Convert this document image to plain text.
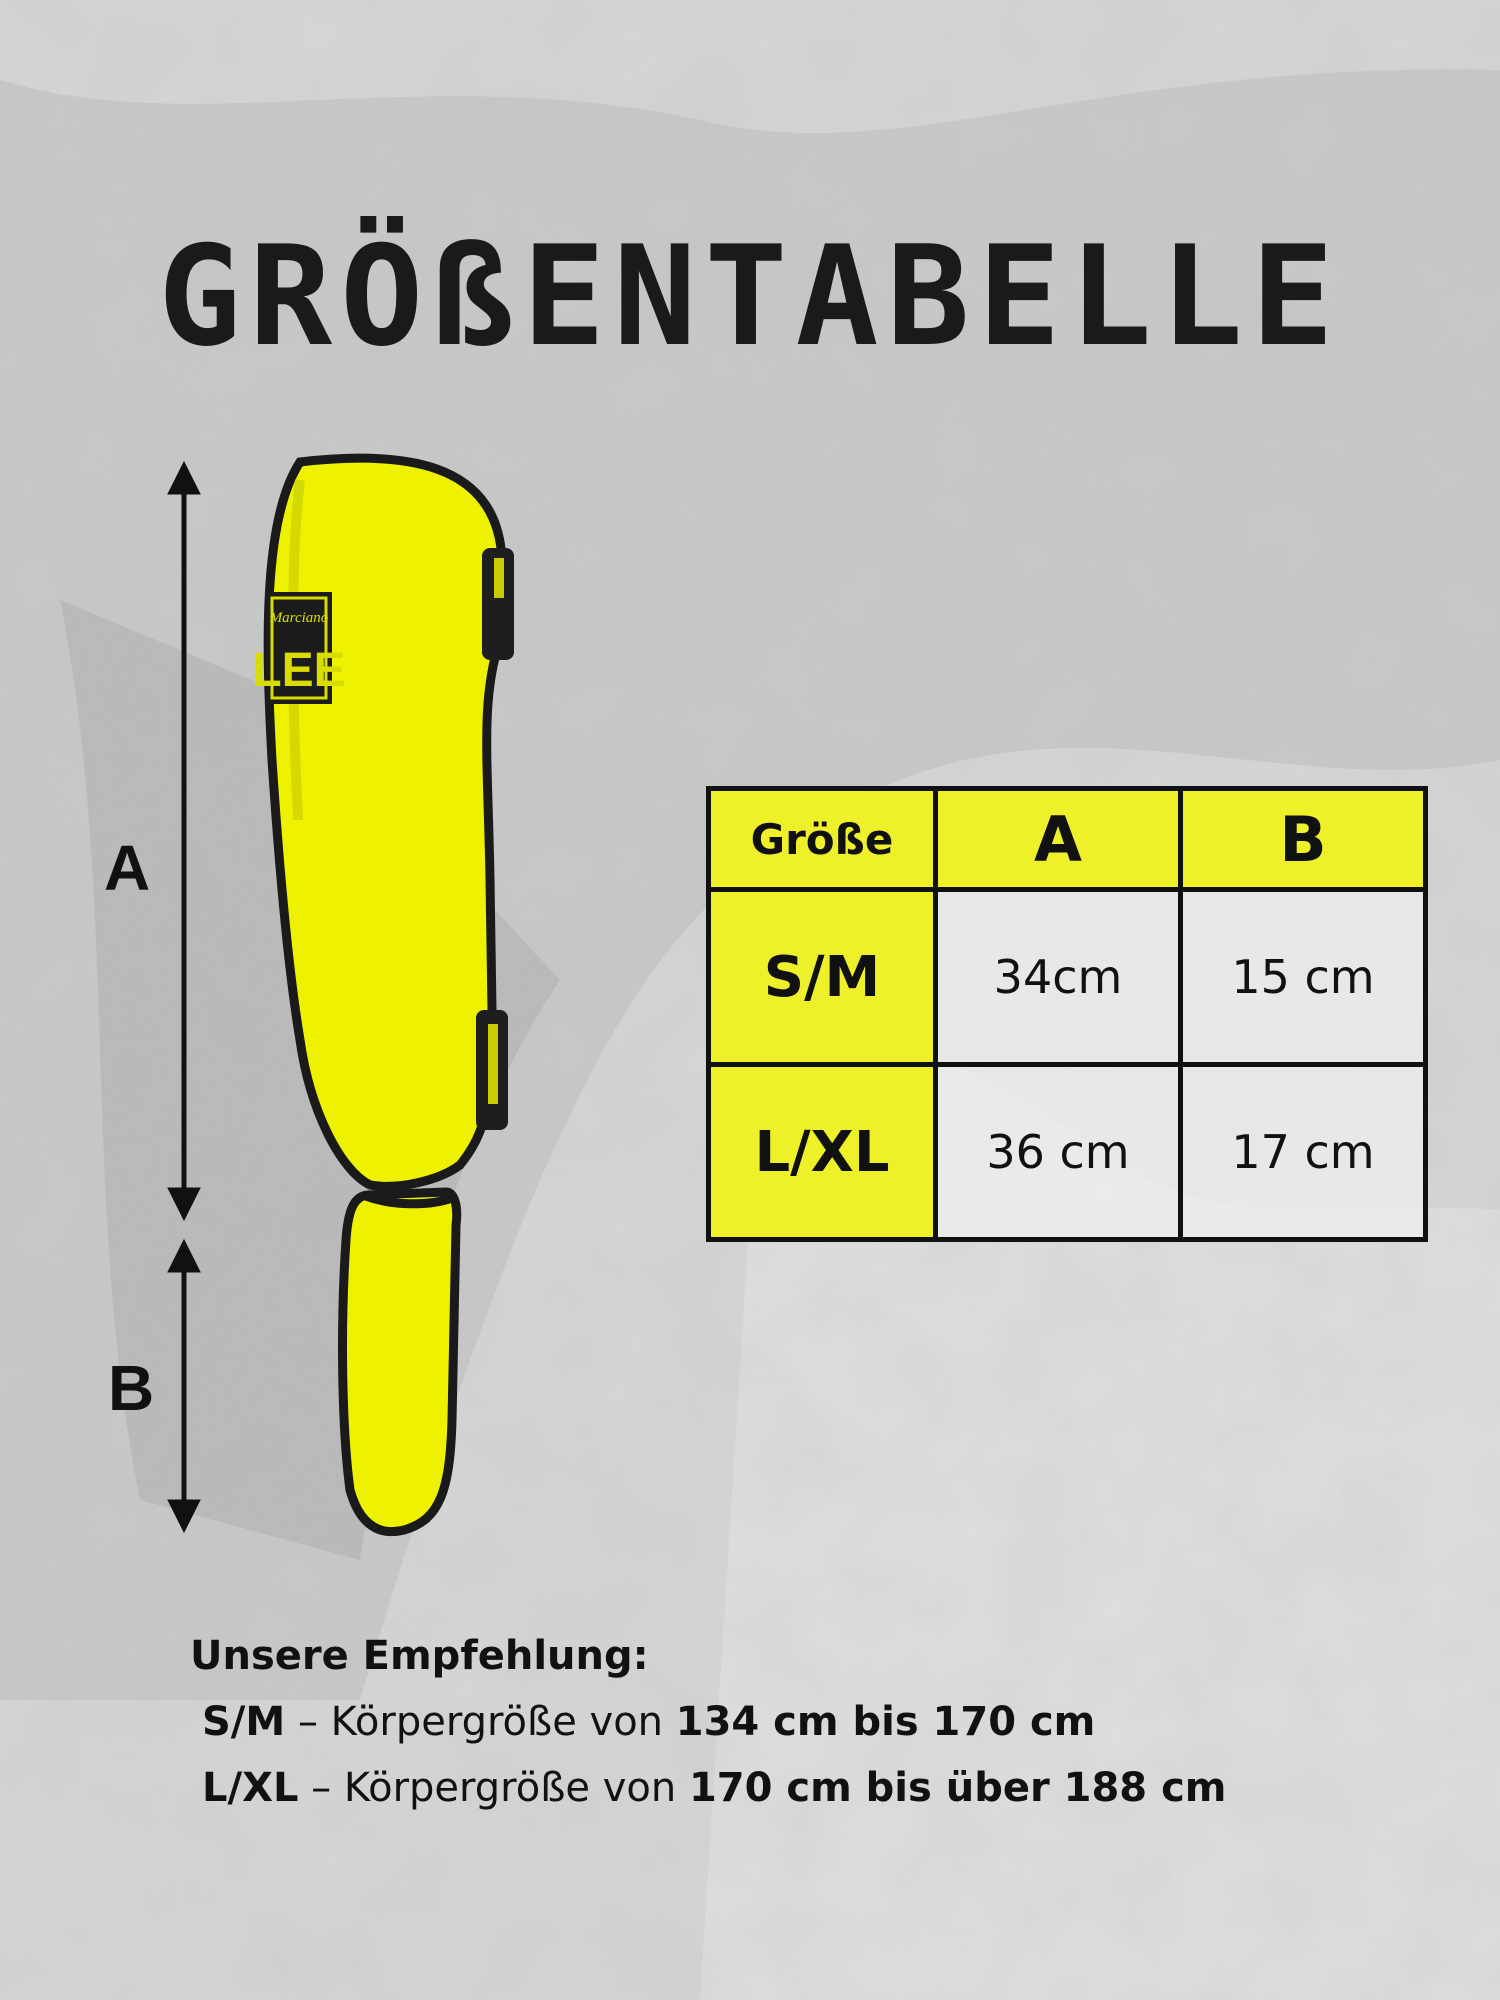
GRÖßENTABELLE
Marciano
LEE
A
B
Größe	A	B
S/M	34cm	15 cm
L/XL	36 cm	17 cm
Unsere Empfehlung:
S/M – Körpergröße von 134 cm bis 170 cm
L/XL – Körpergröße von 170 cm bis über 188 cm
